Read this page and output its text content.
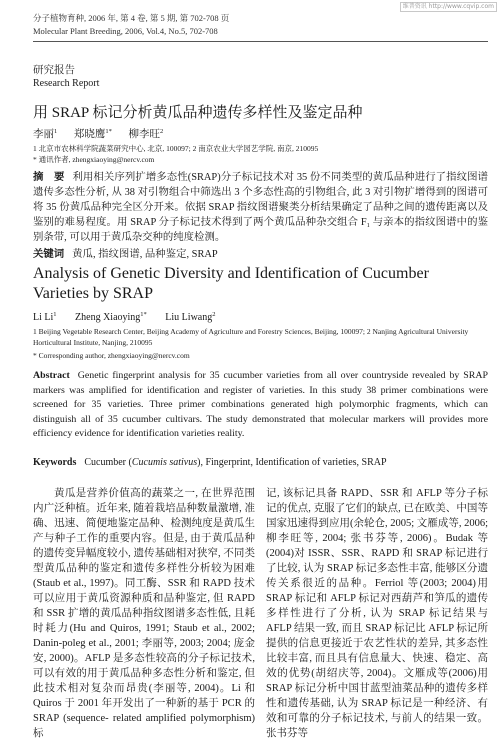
维普资讯 http://www.cqvip.com
分子植物育种, 2006 年, 第 4 卷, 第 5 期, 第 702-708 页
Molecular Plant Breeding, 2006, Vol.4, No.5, 702-708
研究报告
Research Report
用 SRAP 标记分析黄瓜品种遗传多样性及鉴定品种
李丽$^1$ 郑晓鹰$^{1*}$ 柳李旺$^2$
1 北京市农林科学院蔬菜研究中心, 北京, 100097; 2 南京农业大学园艺学院, 南京, 210095
* 通讯作者, zhengxiaoying@nercv.com
摘　要 利用相关序列扩增多态性(SRAP)分子标记技术对 35 份不同类型的黄瓜品种进行了指纹图谱遗传多态性分析, 从 38 对引物组合中筛选出 3 个多态性高的引物组合, 此 3 对引物扩增得到的图谱可将 35 份黄瓜品种完全区分开来。依据 SRAP 指纹图谱聚类分析结果确定了品种之间的遗传距离以及鉴别的难易程度。用 SRAP 分子标记技术得到了两个黄瓜品种杂交组合 $F_1$ 与亲本的指纹图谱中的鉴别条带, 可以用于黄瓜杂交种的纯度检测。
关键词 黄瓜, 指纹图谱, 品种鉴定, SRAP
Analysis of Genetic Diversity and Identification of Cucumber Varieties by SRAP
Li Li$^1$ Zheng Xiaoying$^{1*}$ Liu Liwang$^2$
1 Beijing Vegetable Research Center, Beijing Academy of Agriculture and Forestry Sciences, Beijing, 100097; 2 Nanjing Agricultural University Horticultural Institute, Nanjing, 210095
* Corresponding author, zhengxiaoying@nercv.com
Abstract Genetic fingerprint analysis for 35 cucumber varieties from all over countryside revealed by SRAP markers was amplified for identification and register of varieties. In this study 38 primer combinations were screened for 35 varieties. Three primer combinations generated high polymorphic fragments, which can distinguish all of 35 cucumber cultivars. The study demonstrated that molecular markers will provides more efficiency evidence for identification varieties reality.
Keywords Cucumber (Cucumis sativus), Fingerprint, Identification of varieties, SRAP
黄瓜是营养价值高的蔬菜之一, 在世界范围内广泛种植。近年来, 随着栽培品种数量激增, 准确、迅速、简便地鉴定品种、检测纯度是黄瓜生产与种子工作的重要内容。但是, 由于黄瓜品种的遗传变异幅度较小, 遗传基础相对狭窄, 不同类型黄瓜品种的鉴定和遗传多样性分析较为困难(Staub et al., 1997)。同工酶、SSR 和 RAPD 技术可以应用于黄瓜资源种质和品种鉴定, 但 RAPD 和 SSR 扩增的黄瓜品种指纹图谱多态性低, 且耗时耗力(Hu and Quiros, 1991; Staub et al., 2002; Danin-poleg et al., 2001; 李丽等, 2003; 2004; 庞金安, 2000)。AFLP 是多态性较高的分子标记技术, 可以有效的用于黄瓜品种多态性分析和鉴定, 但此技术相对复杂而昂贵(李丽等, 2004)。Li 和 Quiros 于 2001 年开发出了一种新的基于 PCR 的 SRAP (sequence- related amplified polymorphism)标
记, 该标记具备 RAPD、SSR 和 AFLP 等分子标记的优点, 克服了它们的缺点, 已在欧美、中国等国家迅速得到应用(余轮仓, 2005; 文雁成等, 2006; 柳李旺等, 2004; 张书芬等, 2006)。Budak 等(2004)对 ISSR、SSR、RAPD 和 SRAP 标记进行了比较, 认为 SRAP 标记多态性丰富, 能够区分遗传关系很近的品种。Ferriol 等(2003; 2004)用 SRAP 标记和 AFLP 标记对西葫芦和笋瓜的遗传多样性进行了分析, 认为 SRAP 标记结果与 AFLP 结果一致, 而且 SRAP 标记比 AFLP 标记所提供的信息更接近于农艺性状的差异, 其多态性比较丰富, 而且具有信息量大、快速、稳定、高效的优势(胡绍庆等, 2004)。文雁成等(2006)用 SRAP 标记分析中国甘蓝型油菜品种的遗传多样性和遗传基础, 认为 SRAP 标记是一种经济、有效和可靠的分子标记技术, 与前人的结果一致。张书芬等
